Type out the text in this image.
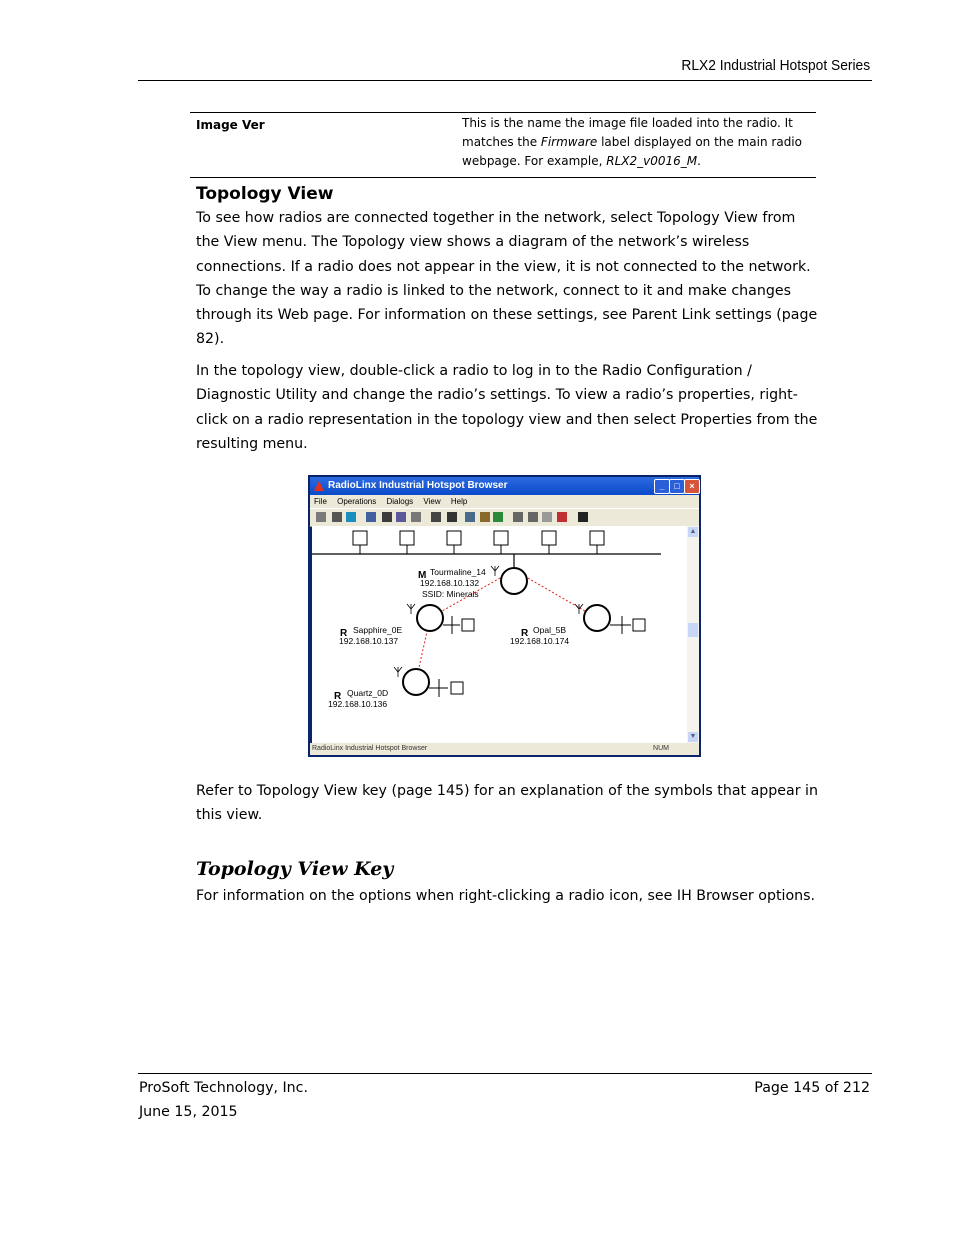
RLX2 Industrial Hotspot Series
Image Ver	This is the name the image file loaded into the radio. It matches the Firmware label displayed on the main radio webpage. For example, RLX2_v0016_M.
Topology View
To see how radios are connected together in the network, select Topology View from the View menu. The Topology view shows a diagram of the network’s wireless connections. If a radio does not appear in the view, it is not connected to the network. To change the way a radio is linked to the network, connect to it and make changes through its Web page. For information on these settings, see Parent Link settings (page 82).
In the topology view, double-click a radio to log in to the Radio Configuration / Diagnostic Utility and change the radio’s settings. To view a radio’s properties, right-click on a radio representation in the topology view and then select Properties from the resulting menu.
RadioLinx Industrial Hotspot Browser	_	□	×
File Operations Dialogs View Help
M Tourmaline_14
192.168.10.132
SSID: Minerals
R Sapphire_0E
192.168.10.137
R Opal_5B
192.168.10.174
R Quartz_0D
192.168.10.136
▲
▼
RadioLinx Industrial Hotspot Browser	NUM
Refer to Topology View key (page 145) for an explanation of the symbols that appear in this view.
Topology View Key
For information on the options when right-clicking a radio icon, see IH Browser options.
ProSoft Technology, Inc.
June 15, 2015
Page 145 of 212
